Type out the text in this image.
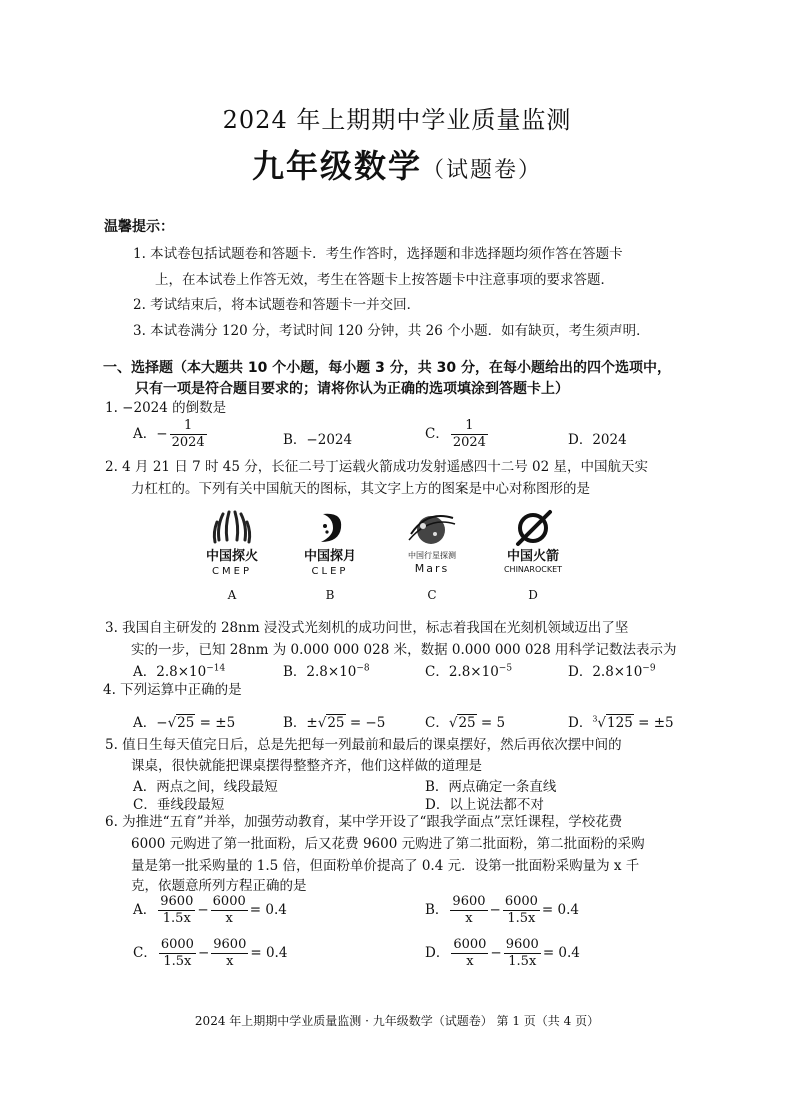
2024 年上期期中学业质量监测
九年级数学（试题卷）
温馨提示：
1. 本试卷包括试题卷和答题卡．考生作答时，选择题和非选择题均须作答在答题卡
上，在本试卷上作答无效，考生在答题卡上按答题卡中注意事项的要求答题．
2. 考试结束后，将本试题卷和答题卡一并交回．
3. 本试卷满分 120 分，考试时间 120 分钟，共 26 个小题．如有缺页，考生须声明．
一、选择题（本大题共 10 个小题，每小题 3 分，共 30 分，在每小题给出的四个选项中，
只有一项是符合题目要求的；请将你认为正确的选项填涂到答题卡上）
1. −2024 的倒数是
A．− $\frac{1}{2024}$	B．−2024	C． $\frac{1}{2024}$	D．2024
2. 4 月 21 日 7 时 45 分，长征二号丁运载火箭成功发射遥感四十二号 02 星，中国航天实
力杠杠的。下列有关中国航天的图标，其文字上方的图案是中心对称图形的是
中国探火
CMEP
A
中国探月
CLEP
B
中国行星探测
Mars
C
中国火箭
CHINAROCKET
D
3. 我国自主研发的 28nm 浸没式光刻机的成功问世，标志着我国在光刻机领域迈出了坚
实的一步，已知 28nm 为 0.000 000 028 米，数据 0.000 000 028 用科学记数法表示为
A．$2.8\times 10^{-14}$	B．$2.8\times 10^{-8}$	C．$2.8\times 10^{-5}$	D．$2.8\times 10^{-9}$
4. 下列运算中正确的是
A．−√25 = ±5	B．±√25 = −5	C．√25 = 5	D．$^3$√125 = ±5
5. 值日生每天值完日后，总是先把每一列最前和最后的课桌摆好，然后再依次摆中间的
课桌，很快就能把课桌摆得整整齐齐，他们这样做的道理是
A．两点之间，线段最短	B．两点确定一条直线
C．垂线段最短	D．以上说法都不对
6. 为推进“五育”并举，加强劳动教育，某中学开设了“跟我学面点”烹饪课程，学校花费
6000 元购进了第一批面粉，后又花费 9600 元购进了第二批面粉，第二批面粉的采购
量是第一批采购量的 1.5 倍，但面粉单价提高了 0.4 元．设第一批面粉采购量为 x 千
克，依题意所列方程正确的是
A． $\frac{9600}{1.5x} - \frac{6000}{x} = 0.4$	B． $\frac{9600}{x} - \frac{6000}{1.5x} = 0.4$
C． $\frac{6000}{1.5x} - \frac{9600}{x} = 0.4$	D． $\frac{6000}{x} - \frac{9600}{1.5x} = 0.4$
2024 年上期期中学业质量监测 · 九年级数学（试题卷） 第 1 页（共 4 页）
